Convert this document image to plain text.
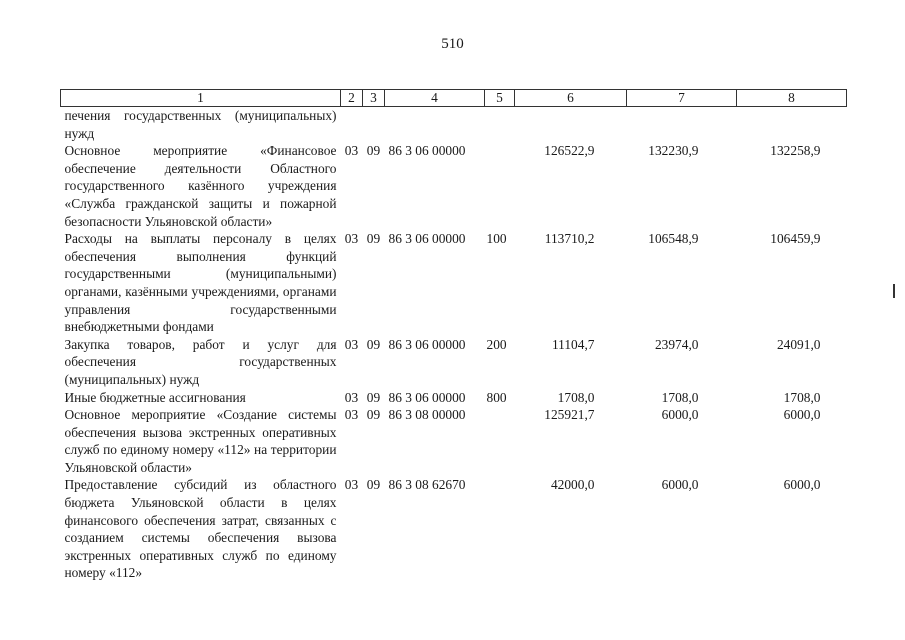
510
1	2	3	4	5	6	7	8
печения государственных (муниципальных) нужд							
Основное мероприятие «Финансовое обеспечение деятельности Областного государственного казённого учреждения «Служба гражданской защиты и пожарной безопасности Ульяновской области»	03	09	86 3 06 00000		126522,9	132230,9	132258,9
Расходы на выплаты персоналу в целях обеспечения выполнения функций государственными (муниципальными) органами, казёнными учреждениями, органами управления государственными внебюджетными фондами	03	09	86 3 06 00000	100	113710,2	106548,9	106459,9
Закупка товаров, работ и услуг для обеспечения государственных (муниципальных) нужд	03	09	86 3 06 00000	200	11104,7	23974,0	24091,0
Иные бюджетные ассигнования	03	09	86 3 06 00000	800	1708,0	1708,0	1708,0
Основное мероприятие «Создание системы обеспечения вызова экстренных оперативных служб по единому номеру «112» на территории Ульяновской области»	03	09	86 3 08 00000		125921,7	6000,0	6000,0
Предоставление субсидий из областного бюджета Ульяновской области в целях финансового обеспечения затрат, связанных с созданием системы обеспечения вызова экстренных оперативных служб по единому номеру «112»	03	09	86 3 08 62670		42000,0	6000,0	6000,0
